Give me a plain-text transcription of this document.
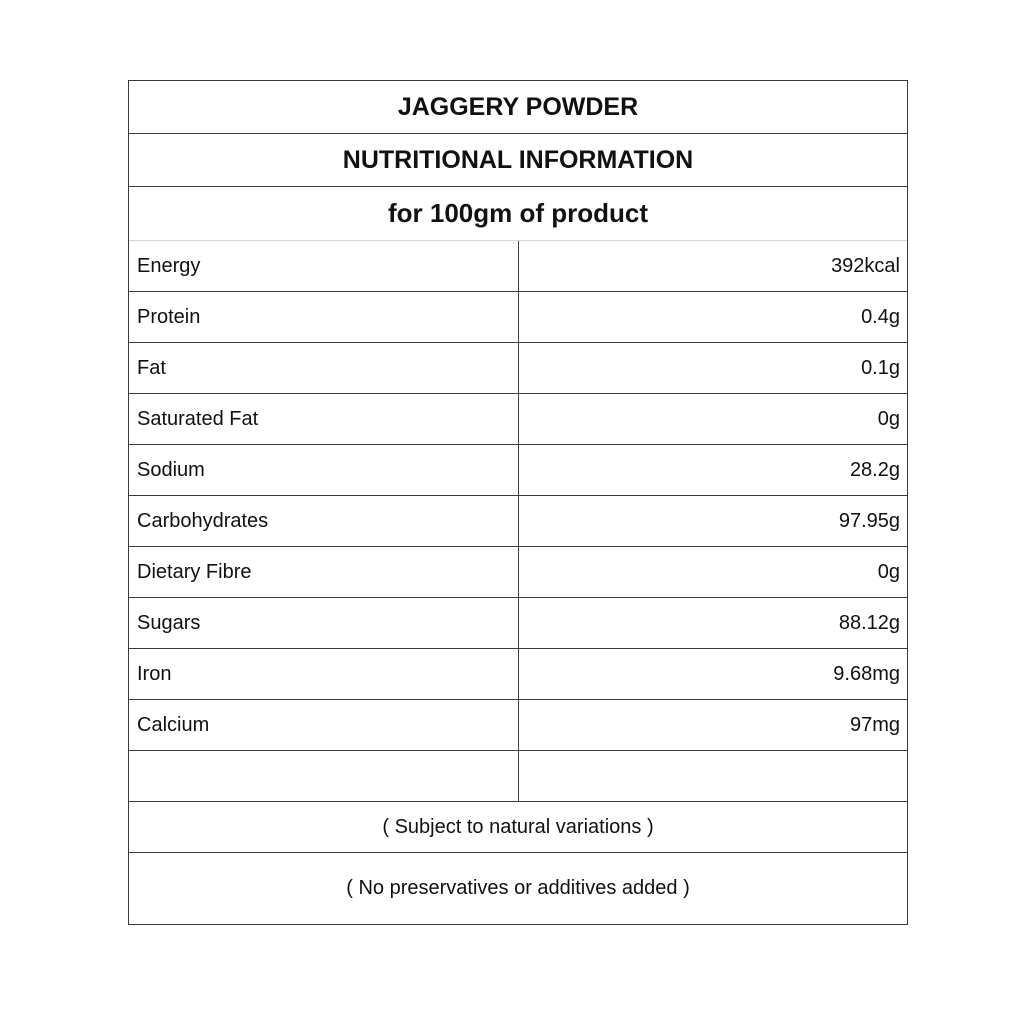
JAGGERY POWDER
NUTRITIONAL INFORMATION
for 100gm of product
Energy	392kcal
Protein	0.4g
Fat	0.1g
Saturated Fat	0g
Sodium	28.2g
Carbohydrates	97.95g
Dietary Fibre	0g
Sugars	88.12g
Iron	9.68mg
Calcium	97mg
( Subject to natural variations )
( No preservatives or additives added )
